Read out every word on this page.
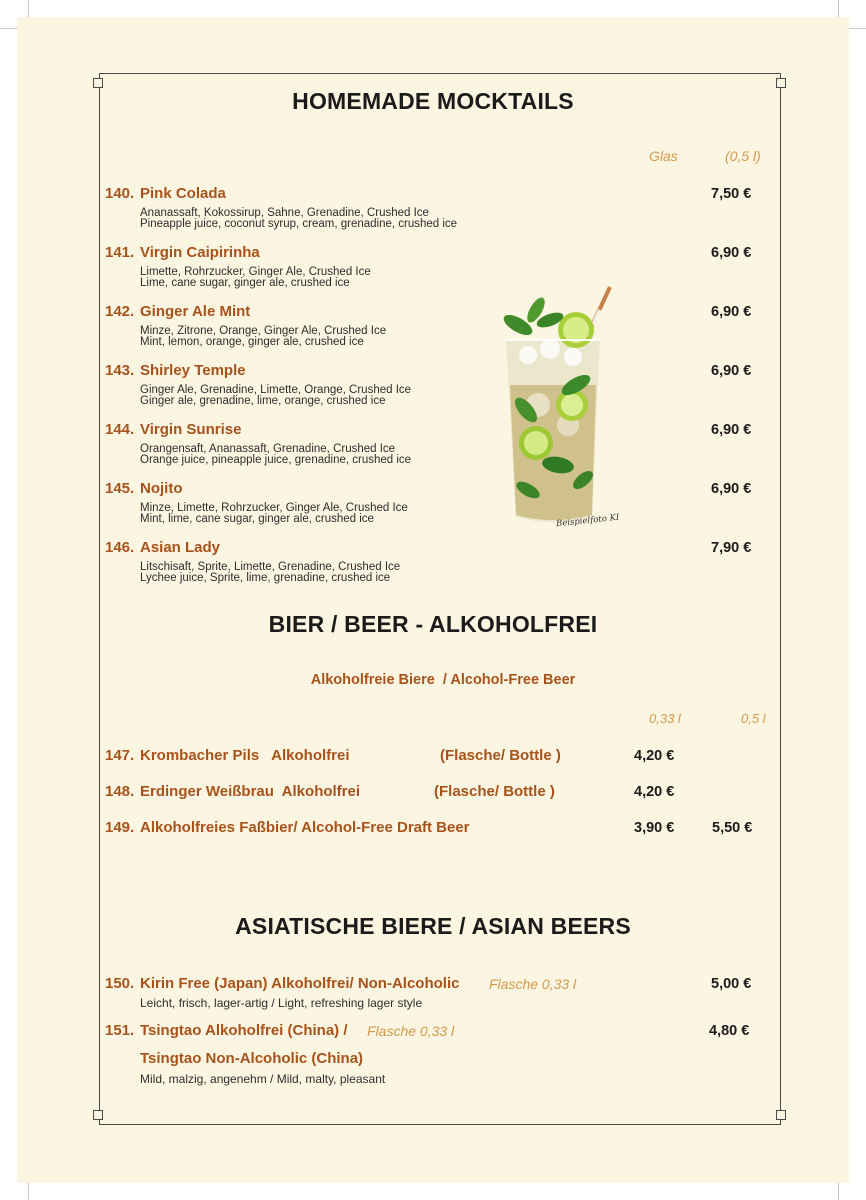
HOMEMADE MOCKTAILS
Glas	(0,5 l)
140. Pink Colada	7,50 €
Ananassaft, Kokossirup, Sahne, Grenadine, Crushed Ice
Pineapple juice, coconut syrup, cream, grenadine, crushed ice
141. Virgin Caipirinha	6,90 €
Limette, Rohrzucker, Ginger Ale, Crushed Ice
Lime, cane sugar, ginger ale, crushed ice
142. Ginger Ale Mint	6,90 €
Minze, Zitrone, Orange, Ginger Ale, Crushed Ice
Mint, lemon, orange, ginger ale, crushed ice
143. Shirley Temple	6,90 €
Ginger Ale, Grenadine, Limette, Orange, Crushed Ice
Ginger ale, grenadine, lime, orange, crushed ice
144. Virgin Sunrise	6,90 €
Orangensaft, Ananassaft, Grenadine, Crushed Ice
Orange juice, pineapple juice, grenadine, crushed ice
145. Nojito	6,90 €
Minze, Limette, Rohrzucker, Ginger Ale, Crushed Ice
Mint, lime, cane sugar, ginger ale, crushed ice
146. Asian Lady	7,90 €
Litschisaft, Sprite, Limette, Grenadine, Crushed Ice
Lychee juice, Sprite, lime, grenadine, crushed ice
Beispielfoto KI
BIER / BEER - ALKOHOLFREI
Alkoholfreie Biere  / Alcohol-Free Beer
0,33 l	0,5 l
147. Krombacher Pils   Alkoholfrei	4,20 €
(Flasche/ Bottle )
148. Erdinger Weißbrau  Alkoholfrei	4,20 €
(Flasche/ Bottle )
149. Alkoholfreies Faßbier/ Alcohol-Free Draft Beer	3,90 €	5,50 €
ASIATISCHE BIERE / ASIAN BEERS
150. Kirin Free (Japan) Alkoholfrei/ Non-Alcoholic Flasche 0,33 l	5,00 €
Leicht, frisch, lager-artig / Light, refreshing lager style
151. Tsingtao Alkoholfrei (China) / Flasche 0,33 l	4,80 €
Tsingtao Non-Alcoholic (China)
Mild, malzig, angenehm / Mild, malty, pleasant
